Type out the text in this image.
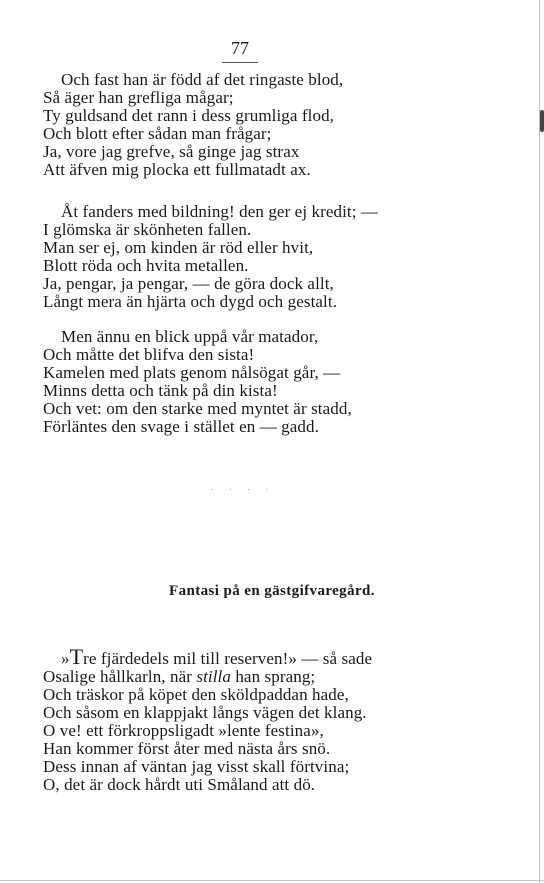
77
Och fast han är född af det ringaste blod,
Så äger han grefliga mågar;
Ty guldsand det rann i dess grumliga flod,
Och blott efter sådan man frågar;
Ja, vore jag grefve, så ginge jag strax
Att äfven mig plocka ett fullmatadt ax.
Åt fanders med bildning! den ger ej kredit; —
I glömska är skönheten fallen.
Man ser ej, om kinden är röd eller hvit,
Blott röda och hvita metallen.
Ja, pengar, ja pengar, — de göra dock allt,
Långt mera än hjärta och dygd och gestalt.
Men ännu en blick uppå vår matador,
Och måtte det blifva den sista!
Kamelen med plats genom nålsögat går, —
Minns detta och tänk på din kista!
Och vet: om den starke med myntet är stadd,
Förläntes den svage i stället en — gadd.
· · · ·
Fantasi på en gästgifvaregård.
»Tre fjärdedels mil till reserven!» — så sade
Osalige hållkarln, när stilla han sprang;
Och träskor på köpet den sköldpaddan hade,
Och såsom en klappjakt långs vägen det klang.
O ve! ett förkroppsligadt »lente festina»,
Han kommer först åter med nästa års snö.
Dess innan af väntan jag visst skall förtvina;
O, det är dock hårdt uti Småland att dö.
